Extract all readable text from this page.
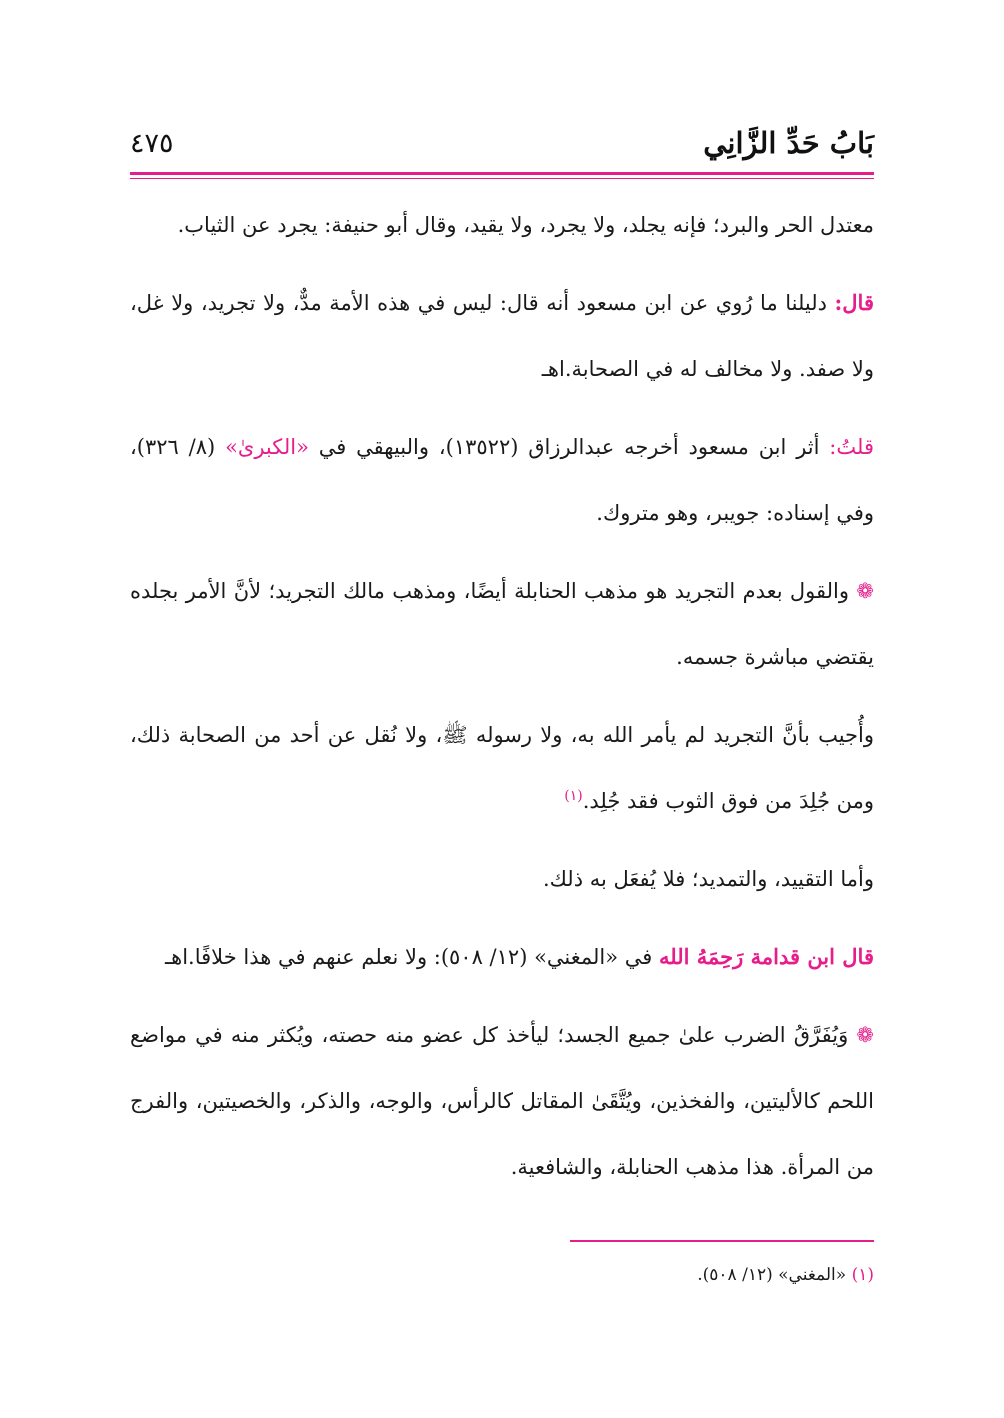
بَابُ حَدِّ الزَّانِي
٤٧٥

معتدل الحر والبرد؛ فإنه يجلد، ولا يجرد، ولا يقيد، وقال أبو حنيفة: يجرد عن الثياب.

قال: دليلنا ما رُوي عن ابن مسعود أنه قال: ليس في هذه الأمة مدٌّ، ولا تجريد، ولا غل، ولا صفد. ولا مخالف له في الصحابة.اهـ

قلتُ: أثر ابن مسعود أخرجه عبدالرزاق (١٣٥٢٢)، والبيهقي في «الكبرىٰ» (٨/ ٣٢٦)، وفي إسناده: جويبر، وهو متروك.

❁ والقول بعدم التجريد هو مذهب الحنابلة أيضًا، ومذهب مالك التجريد؛ لأنَّ الأمر بجلده يقتضي مباشرة جسمه.

وأُجيب بأنَّ التجريد لم يأمر الله به، ولا رسوله ﷺ، ولا نُقل عن أحد من الصحابة ذلك، ومن جُلِدَ من فوق الثوب فقد جُلِد.$^{(١)}$

وأما التقييد، والتمديد؛ فلا يُفعَل به ذلك.

قال ابن قدامة رَحِمَهُ الله في «المغني» (١٢/ ٥٠٨): ولا نعلم عنهم في هذا خلافًا.اهـ

❁ وَيُفَرَّقُ الضرب علىٰ جميع الجسد؛ ليأخذ كل عضو منه حصته، ويُكثر منه في مواضع اللحم كالأليتين، والفخذين، ويُتَّقَىٰ المقاتل كالرأس، والوجه، والذكر، والخصيتين، والفرج من المرأة. هذا مذهب الحنابلة، والشافعية.

(١) «المغني» (١٢/ ٥٠٨).
